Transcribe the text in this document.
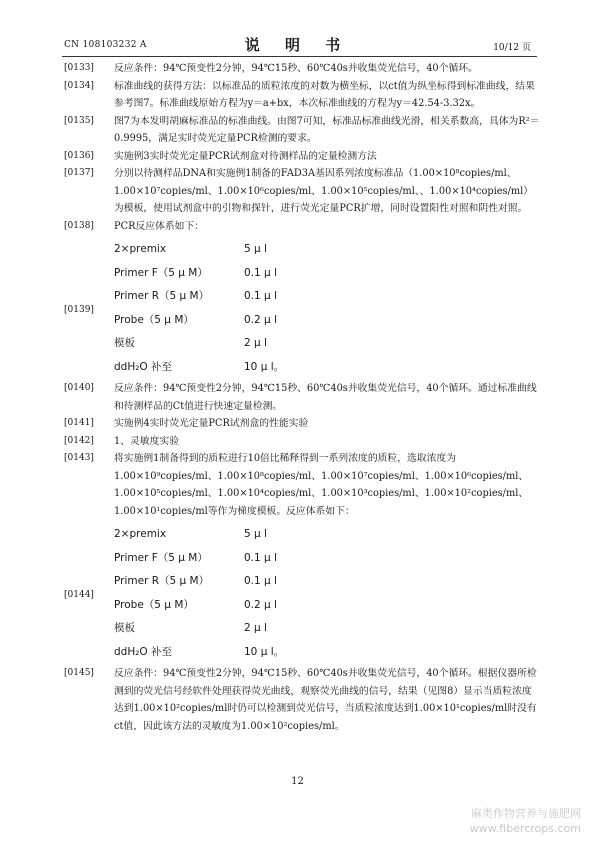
CN 108103232 A	说 明 书	10/12 页
[0133] 反应条件：94℃预变性2分钟，94℃15秒、60℃40s并收集荧光信号，40个循环。
[0134] 标准曲线的获得方法：以标准品的质粒浓度的对数为横坐标，以ct值为纵坐标得到标准曲线，结果参考图7。标准曲线原始方程为y＝a+bx，本次标准曲线的方程为y＝42.54-3.32x。
[0135] 图7为本发明胡麻标准品的标准曲线。由图7可知，标准品标准曲线光滑，相关系数高，具体为R²＝0.9995，满足实时荧光定量PCR检测的要求。
[0136] 实施例3实时荧光定量PCR试剂盒对待测样品的定量检测方法
[0137] 分别以待测样品DNA和实施例1制备的FAD3A基因系列浓度标准品（1.00×10⁸copies/ml、1.00×10⁷copies/ml、1.00×10⁶copies/ml、1.00×10⁵copies/ml、、1.00×10⁴copies/ml）为模板，使用试剂盒中的引物和探针，进行荧光定量PCR扩增，同时设置阳性对照和阴性对照。
[0138] PCR反应体系如下：
2×premix	5 μ l
Primer F（5 μ M）	0.1 μ l
Primer R（5 μ M）	0.1 μ l
Probe（5 μ M）	0.2 μ l
模板	2 μ l
ddH₂O 补至	10 μ l。
[0139]
[0140] 反应条件：94℃预变性2分钟，94℃15秒、60℃40s并收集荧光信号，40个循环。通过标准曲线和待测样品的Ct值进行快速定量检测。
[0141] 实施例4实时荧光定量PCR试剂盒的性能实验
[0142] 1、灵敏度实验
[0143] 将实施例1制备得到的质粒进行10倍比稀释得到一系列浓度的质粒，选取浓度为1.00×10⁹copies/ml、1.00×10⁸copies/ml、1.00×10⁷copies/ml、1.00×10⁶copies/ml、1.00×10⁵copies/ml、1.00×10⁴copies/ml、1.00×10³copies/ml、1.00×10²copies/ml、1.00×10¹copies/ml等作为梯度模板。反应体系如下：
2×premix	5 μ l
Primer F（5 μ M）	0.1 μ l
Primer R（5 μ M）	0.1 μ l
Probe（5 μ M）	0.2 μ l
模板	2 μ l
ddH₂O 补至	10 μ l。
[0144]
[0145] 反应条件：94℃预变性2分钟，94℃15秒、60℃40s并收集荧光信号，40个循环。根据仪器所检测到的荧光信号经软件处理获得荧光曲线，观察荧光曲线的信号，结果（见图8）显示当质粒浓度达到1.00×10²copies/ml时仍可以检测到荧光信号，当质粒浓度达到1.00×10¹copies/ml时没有ct值，因此该方法的灵敏度为1.00×10²copies/ml。
12
麻类作物营养与施肥网
www.fibercrops.com
